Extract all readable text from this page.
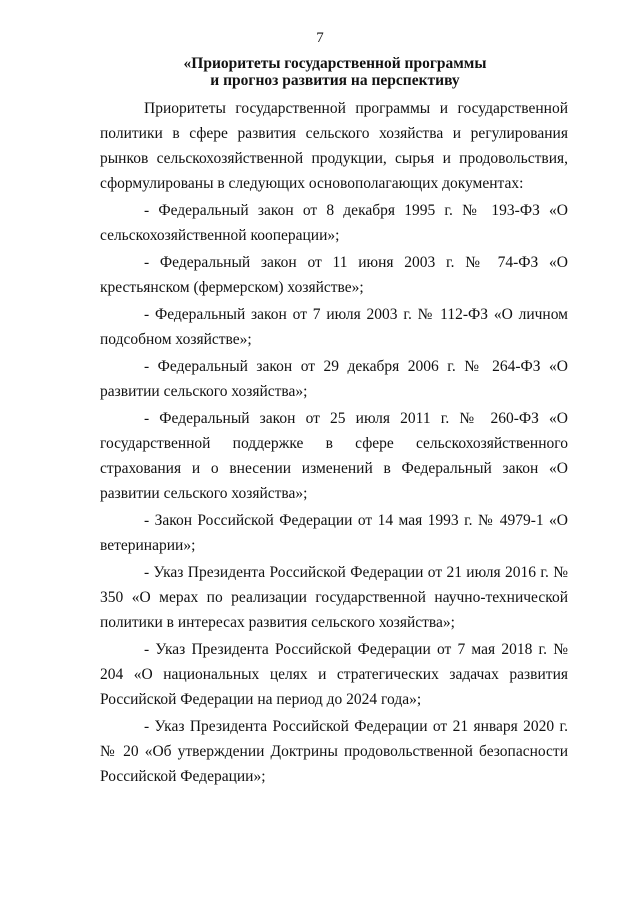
7
«Приоритеты государственной программы
и прогноз развития на перспективу

Приоритеты государственной программы и государственной политики в сфере развития сельского хозяйства и регулирования рынков сельскохозяйственной продукции, сырья и продовольствия, сформулированы в следующих основополагающих документах:

- Федеральный закон от 8 декабря 1995 г. № 193-ФЗ «О сельскохозяйственной кооперации»;

- Федеральный закон от 11 июня 2003 г. № 74-ФЗ «О крестьянском (фермерском) хозяйстве»;

- Федеральный закон от 7 июля 2003 г. № 112-ФЗ «О личном подсобном хозяйстве»;

- Федеральный закон от 29 декабря 2006 г. № 264-ФЗ «О развитии сельского хозяйства»;

- Федеральный закон от 25 июля 2011 г. № 260-ФЗ «О государственной поддержке в сфере сельскохозяйственного страхования и о внесении изменений в Федеральный закон «О развитии сельского хозяйства»;

- Закон Российской Федерации от 14 мая 1993 г. № 4979-1 «О ветеринарии»;

- Указ Президента Российской Федерации от 21 июля 2016 г. № 350 «О мерах по реализации государственной научно-технической политики в интересах развития сельского хозяйства»;

- Указ Президента Российской Федерации от 7 мая 2018 г. № 204 «О национальных целях и стратегических задачах развития Российской Федерации на период до 2024 года»;

- Указ Президента Российской Федерации от 21 января 2020 г. № 20 «Об утверждении Доктрины продовольственной безопасности Российской Федерации»;
